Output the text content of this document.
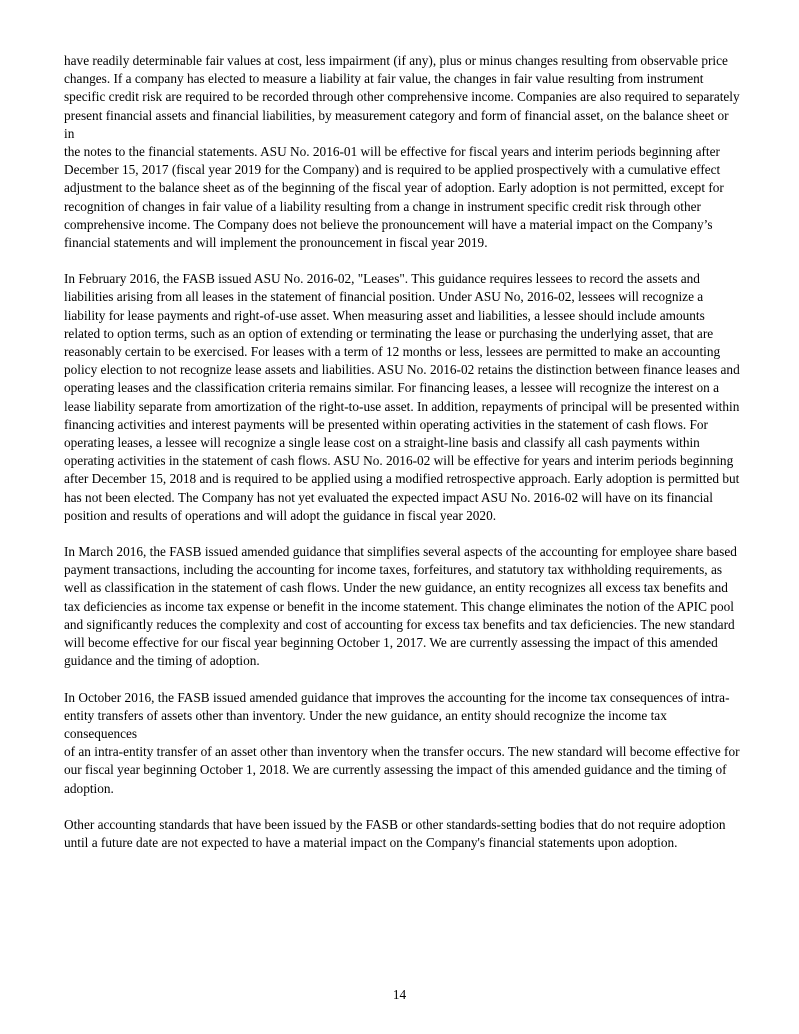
have readily determinable fair values at cost, less impairment (if any), plus or minus changes resulting from observable price
changes. If a company has elected to measure a liability at fair value, the changes in fair value resulting from instrument
specific credit risk are required to be recorded through other comprehensive income. Companies are also required to separately
present financial assets and financial liabilities, by measurement category and form of financial asset, on the balance sheet or in
the notes to the financial statements. ASU No. 2016-01 will be effective for fiscal years and interim periods beginning after
December 15, 2017 (fiscal year 2019 for the Company) and is required to be applied prospectively with a cumulative effect
adjustment to the balance sheet as of the beginning of the fiscal year of adoption. Early adoption is not permitted, except for
recognition of changes in fair value of a liability resulting from a change in instrument specific credit risk through other
comprehensive income. The Company does not believe the pronouncement will have a material impact on the Company’s
financial statements and will implement the pronouncement in fiscal year 2019.

In February 2016, the FASB issued ASU No. 2016-02, "Leases". This guidance requires lessees to record the assets and
liabilities arising from all leases in the statement of financial position. Under ASU No, 2016-02, lessees will recognize a
liability for lease payments and right-of-use asset. When measuring asset and liabilities, a lessee should include amounts
related to option terms, such as an option of extending or terminating the lease or purchasing the underlying asset, that are
reasonably certain to be exercised. For leases with a term of 12 months or less, lessees are permitted to make an accounting
policy election to not recognize lease assets and liabilities. ASU No. 2016-02 retains the distinction between finance leases and
operating leases and the classification criteria remains similar. For financing leases, a lessee will recognize the interest on a
lease liability separate from amortization of the right-to-use asset. In addition, repayments of principal will be presented within
financing activities and interest payments will be presented within operating activities in the statement of cash flows. For
operating leases, a lessee will recognize a single lease cost on a straight-line basis and classify all cash payments within
operating activities in the statement of cash flows. ASU No. 2016-02 will be effective for years and interim periods beginning
after December 15, 2018 and is required to be applied using a modified retrospective approach. Early adoption is permitted but
has not been elected. The Company has not yet evaluated the expected impact ASU No. 2016-02 will have on its financial
position and results of operations and will adopt the guidance in fiscal year 2020.

In March 2016, the FASB issued amended guidance that simplifies several aspects of the accounting for employee share based
payment transactions, including the accounting for income taxes, forfeitures, and statutory tax withholding requirements, as
well as classification in the statement of cash flows. Under the new guidance, an entity recognizes all excess tax benefits and
tax deficiencies as income tax expense or benefit in the income statement. This change eliminates the notion of the APIC pool
and significantly reduces the complexity and cost of accounting for excess tax benefits and tax deficiencies. The new standard
will become effective for our fiscal year beginning October 1, 2017. We are currently assessing the impact of this amended
guidance and the timing of adoption.

In October 2016, the FASB issued amended guidance that improves the accounting for the income tax consequences of intra-
entity transfers of assets other than inventory. Under the new guidance, an entity should recognize the income tax consequences
of an intra-entity transfer of an asset other than inventory when the transfer occurs. The new standard will become effective for
our fiscal year beginning October 1, 2018. We are currently assessing the impact of this amended guidance and the timing of
adoption.

Other accounting standards that have been issued by the FASB or other standards-setting bodies that do not require adoption
until a future date are not expected to have a material impact on the Company's financial statements upon adoption.

14
